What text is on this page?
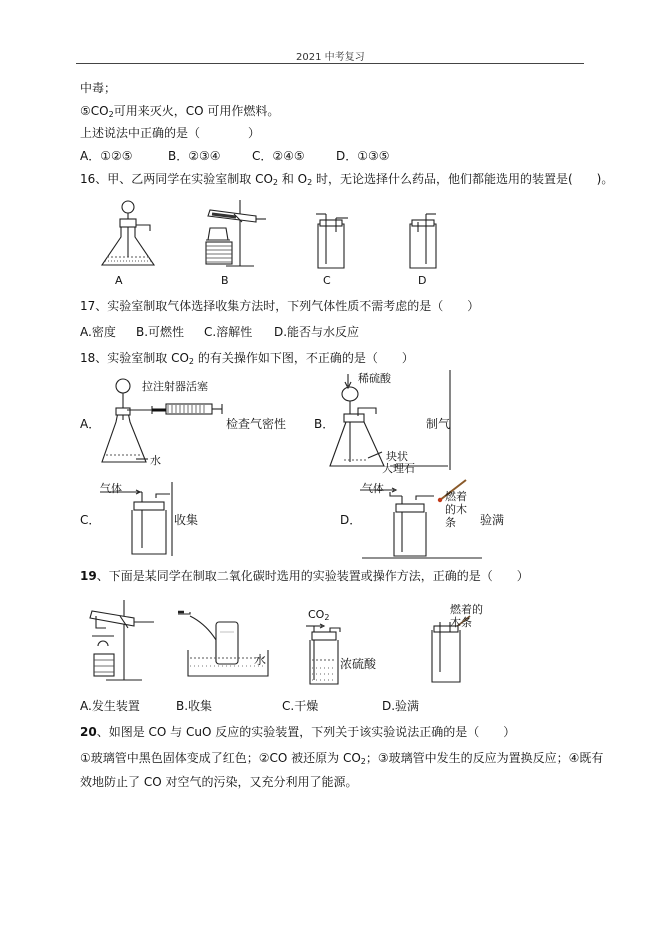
2021 中考复习
中毒；
$⑤CO_2$可用来灭火，CO 可用作燃料。
上述说法中正确的是（　　　　）
A．①②⑤	B．②③④	C．②④⑤	D．①③⑤
16、甲、乙两同学在实验室制取 $CO_2$ 和 $O_2$ 时，无论选择什么药品，他们都能选用的装置是(　　)。
A	B	C	D
17、实验室制取气体选择收集方法时，下列气体性质不需考虑的是（　　）
A.密度 B.可燃性 C.溶解性 D.能否与水反应
18、实验室制取 $CO_2$ 的有关操作如下图，不正确的是（　　）
A．
拉注射器活塞
水
检查气密性 B．
稀硫酸
块状
大理石
制气
C．	收集	D．
燃着
的木
条 验满
气体	气体
19、下面是某同学在制取二氧化碳时选用的实验装置或操作方法，正确的是（　　）
水
$CO_2$
浓硫酸
燃着的
木条
A.发生装置	B.收集	C.干燥	D.验满
20、如图是 CO 与 CuO 反应的实验装置，下列关于该实验说法正确的是（　　）
①玻璃管中黑色固体变成了红色；②CO 被还原为 $CO_2$；③玻璃管中发生的反应为置换反应；④既有
效地防止了 CO 对空气的污染，又充分利用了能源。
